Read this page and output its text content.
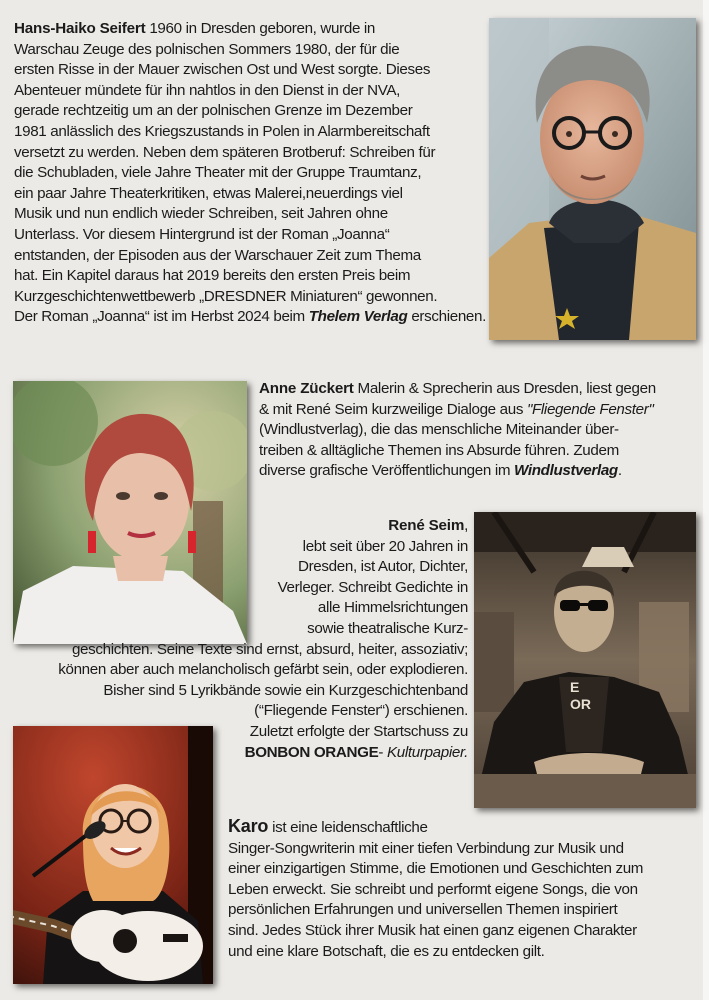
Hans-Haiko Seifert 1960 in Dresden geboren, wurde in
Warschau Zeuge des polnischen Sommers 1980, der für die
ersten Risse in der Mauer zwischen Ost und West sorgte. Dieses
Abenteuer mündete für ihn nahtlos in den Dienst in der NVA,
gerade rechtzeitig um an der polnischen Grenze im Dezember
1981 anlässlich des Kriegszustands in Polen in Alarmbereitschaft
versetzt zu werden. Neben dem späteren Brotberuf: Schreiben für
die Schubladen, viele Jahre Theater mit der Gruppe Traumtanz,
ein paar Jahre Theaterkritiken, etwas Malerei,neuerdings viel
Musik und nun endlich wieder Schreiben, seit Jahren ohne
Unterlass. Vor diesem Hintergrund ist der Roman „Joanna“
entstanden, der Episoden aus der Warschauer Zeit zum Thema
hat. Ein Kapitel daraus hat 2019 bereits den ersten Preis beim
Kurzgeschichtenwettbewerb „DRESDNER Miniaturen“ gewonnen.
Der Roman „Joanna“ ist im Herbst 2024 beim Thelem Verlag erschienen.
Anne Zückert Malerin & Sprecherin aus Dresden, liest gegen
& mit René Seim kurzweilige Dialoge aus "Fliegende Fenster"
(Windlustverlag), die das menschliche Miteinander über-
treiben & alltägliche Themen ins Absurde führen. Zudem
diverse grafische Veröffentlichungen im Windlustverlag.
René Seim,
lebt seit über 20 Jahren in
Dresden, ist Autor, Dichter,
Verleger. Schreibt Gedichte in
alle Himmelsrichtungen
sowie theatralische Kurz-
geschichten. Seine Texte sind ernst, absurd, heiter, assoziativ;
können aber auch melancholisch gefärbt sein, oder explodieren.
Bisher sind 5 Lyrikbände sowie ein Kurzgeschichtenband
(“Fliegende Fenster“) erschienen.
Zuletzt erfolgte der Startschuss zu
BONBON ORANGE- Kulturpapier.
E
OR
Karo ist eine leidenschaftliche
Singer-Songwriterin mit einer tiefen Verbindung zur Musik und
einer einzigartigen Stimme, die Emotionen und Geschichten zum
Leben erweckt. Sie schreibt und performt eigene Songs, die von
persönlichen Erfahrungen und universellen Themen inspiriert
sind. Jedes Stück ihrer Musik hat einen ganz eigenen Charakter
und eine klare Botschaft, die es zu entdecken gilt.
